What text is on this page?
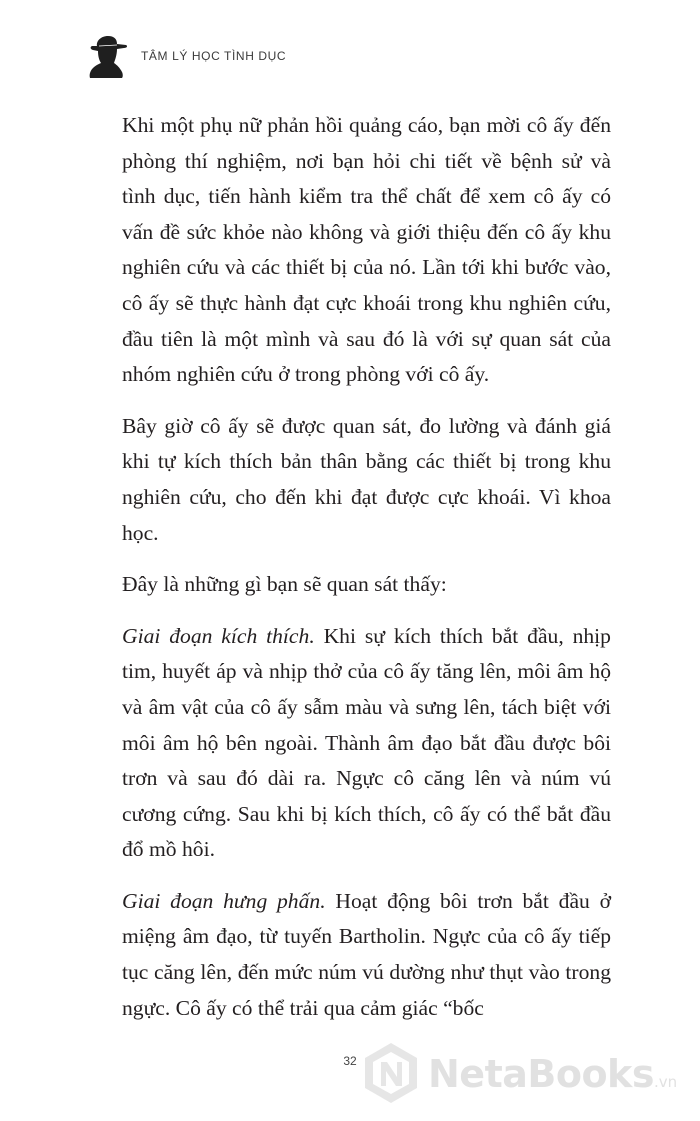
TÂM LÝ HỌC TÌNH DỤC

Khi một phụ nữ phản hồi quảng cáo, bạn mời cô ấy đến phòng thí nghiệm, nơi bạn hỏi chi tiết về bệnh sử và tình dục, tiến hành kiểm tra thể chất để xem cô ấy có vấn đề sức khỏe nào không và giới thiệu đến cô ấy khu nghiên cứu và các thiết bị của nó. Lần tới khi bước vào, cô ấy sẽ thực hành đạt cực khoái trong khu nghiên cứu, đầu tiên là một mình và sau đó là với sự quan sát của nhóm nghiên cứu ở trong phòng với cô ấy.

Bây giờ cô ấy sẽ được quan sát, đo lường và đánh giá khi tự kích thích bản thân bằng các thiết bị trong khu nghiên cứu, cho đến khi đạt được cực khoái. Vì khoa học.

Đây là những gì bạn sẽ quan sát thấy:

Giai đoạn kích thích. Khi sự kích thích bắt đầu, nhịp tim, huyết áp và nhịp thở của cô ấy tăng lên, môi âm hộ và âm vật của cô ấy sẫm màu và sưng lên, tách biệt với môi âm hộ bên ngoài. Thành âm đạo bắt đầu được bôi trơn và sau đó dài ra. Ngực cô căng lên và núm vú cương cứng. Sau khi bị kích thích, cô ấy có thể bắt đầu đổ mồ hôi.

Giai đoạn hưng phấn. Hoạt động bôi trơn bắt đầu ở miệng âm đạo, từ tuyến Bartholin. Ngực của cô ấy tiếp tục căng lên, đến mức núm vú dường như thụt vào trong ngực. Cô ấy có thể trải qua cảm giác “bốc

32	NetaBooks.vn
